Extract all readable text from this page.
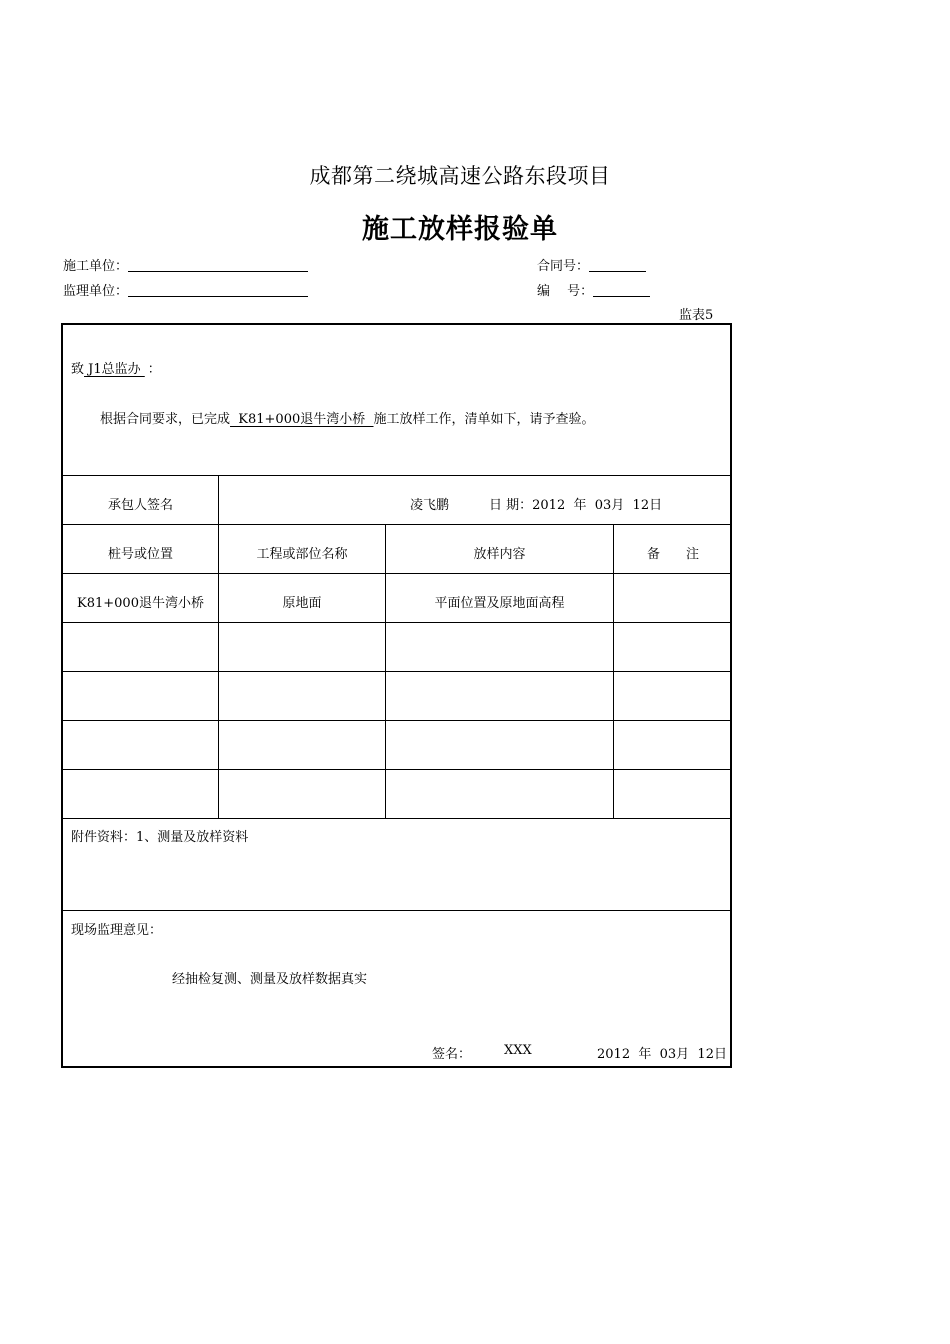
成都第二绕城高速公路东段项目
施工放样报验单
施工单位：
监理单位：
合同号：
编　 号：
监表5
致 J1总监办 ：
根据合同要求，已完成  K81+000退牛湾小桥  施工放样工作，清单如下，请予查验。
承包人签名	凌飞鹏	日 期：2012  年  03月  12日
桩号或位置	工程或部位名称	放样内容	备　　注
K81+000退牛湾小桥	原地面	平面位置及原地面高程
附件资料：1、测量及放样资料
现场监理意见：
经抽检复测、测量及放样数据真实
签名：	XXX	2012  年  03月  12日
